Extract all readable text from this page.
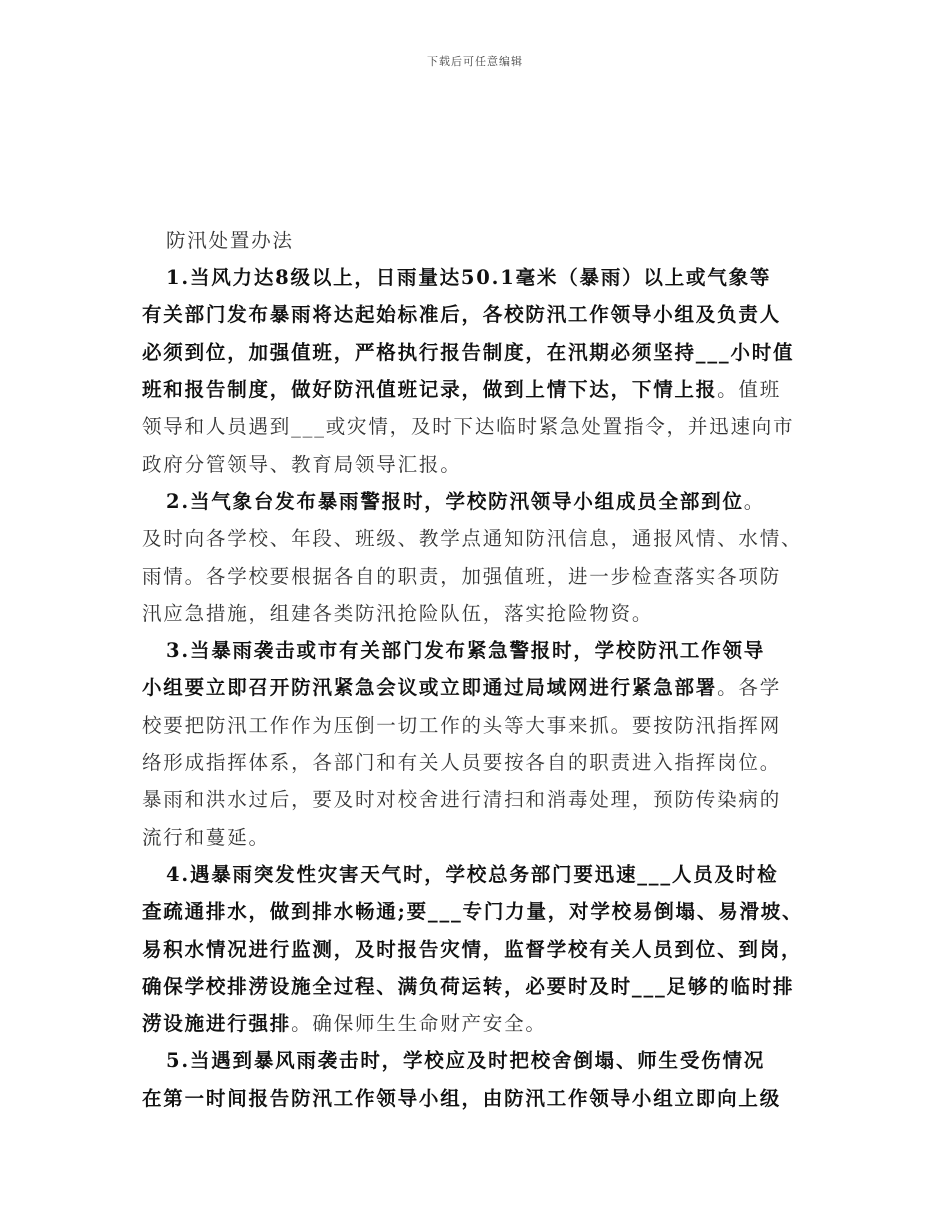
下载后可任意编辑
防汛处置办法
1.当风力达8级以上，日雨量达50.1毫米（暴雨）以上或气象等
有关部门发布暴雨将达起始标准后，各校防汛工作领导小组及负责人
必须到位，加强值班，严格执行报告制度，在汛期必须坚持___小时值
班和报告制度，做好防汛值班记录，做到上情下达，下情上报。值班
领导和人员遇到___或灾情，及时下达临时紧急处置指令，并迅速向市
政府分管领导、教育局领导汇报。
2.当气象台发布暴雨警报时，学校防汛领导小组成员全部到位。
及时向各学校、年段、班级、教学点通知防汛信息，通报风情、水情、
雨情。各学校要根据各自的职责，加强值班，进一步检查落实各项防
汛应急措施，组建各类防汛抢险队伍，落实抢险物资。
3.当暴雨袭击或市有关部门发布紧急警报时，学校防汛工作领导
小组要立即召开防汛紧急会议或立即通过局域网进行紧急部署。各学
校要把防汛工作作为压倒一切工作的头等大事来抓。要按防汛指挥网
络形成指挥体系，各部门和有关人员要按各自的职责进入指挥岗位。
暴雨和洪水过后，要及时对校舍进行清扫和消毒处理，预防传染病的
流行和蔓延。
4.遇暴雨突发性灾害天气时，学校总务部门要迅速___人员及时检
查疏通排水，做到排水畅通;要___专门力量，对学校易倒塌、易滑坡、
易积水情况进行监测，及时报告灾情，监督学校有关人员到位、到岗，
确保学校排涝设施全过程、满负荷运转，必要时及时___足够的临时排
涝设施进行强排。确保师生生命财产安全。
5.当遇到暴风雨袭击时，学校应及时把校舍倒塌、师生受伤情况
在第一时间报告防汛工作领导小组，由防汛工作领导小组立即向上级
